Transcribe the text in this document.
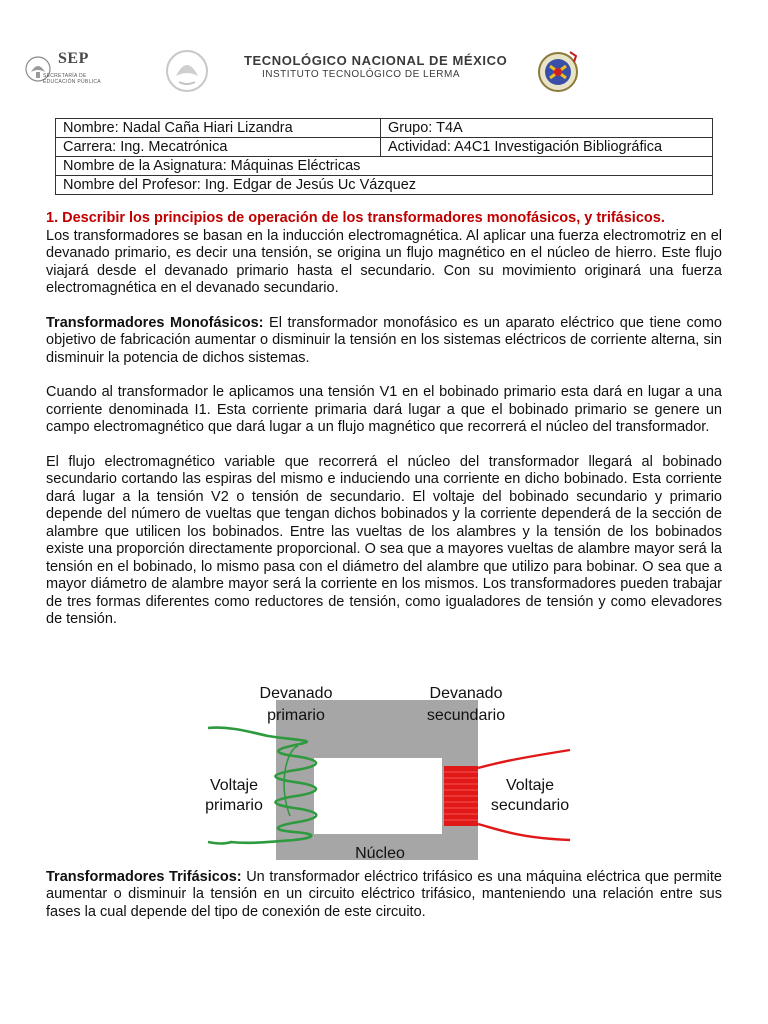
SEP
SECRETARÍA DE
EDUCACIÓN PÚBLICA
TECNOLÓGICO NACIONAL DE MÉXICO
INSTITUTO TECNOLÓGICO DE LERMA
Nombre: Nadal Caña Hiari Lizandra	Grupo: T4A
Carrera: Ing. Mecatrónica	Actividad: A4C1 Investigación Bibliográfica
Nombre de la Asignatura: Máquinas Eléctricas	
Nombre del Profesor: Ing. Edgar de Jesús Uc Vázquez	

1. Describir los principios de operación de los transformadores monofásicos, y trifásicos.

Los transformadores se basan en la inducción electromagnética. Al aplicar una fuerza electromotriz en el devanado primario, es decir una tensión, se origina un flujo magnético en el núcleo de hierro. Este flujo viajará desde el devanado primario hasta el secundario. Con su movimiento originará una fuerza electromagnética en el devanado secundario.

Transformadores Monofásicos: El transformador monofásico es un aparato eléctrico que tiene como objetivo de fabricación aumentar o disminuir la tensión en los sistemas eléctricos de corriente alterna, sin disminuir la potencia de dichos sistemas.

Cuando al transformador le aplicamos una tensión V1 en el bobinado primario esta dará en lugar a una corriente denominada I1. Esta corriente primaria dará lugar a que el bobinado primario se genere un campo electromagnético que dará lugar a un flujo magnético que recorrerá el núcleo del transformador.

El flujo electromagnético variable que recorrerá el núcleo del transformador llegará al bobinado secundario cortando las espiras del mismo e induciendo una corriente en dicho bobinado. Esta corriente dará lugar a la tensión V2 o tensión de secundario. El voltaje del bobinado secundario y primario depende del número de vueltas que tengan dichos bobinados y la corriente dependerá de la sección de alambre que utilicen los bobinados. Entre las vueltas de los alambres y la tensión de los bobinados existe una proporción directamente proporcional. O sea que a mayores vueltas de alambre mayor será la tensión en el bobinado, lo mismo pasa con el diámetro del alambre que utilizo para bobinar. O sea que a mayor diámetro de alambre mayor será la corriente en los mismos. Los transformadores pueden trabajar de tres formas diferentes como reductores de tensión, como igualadores de tensión y como elevadores de tensión.

Transformadores Trifásicos: Un transformador eléctrico trifásico es una máquina eléctrica que permite aumentar o disminuir la tensión en un circuito eléctrico trifásico, manteniendo una relación entre sus fases la cual depende del tipo de conexión de este circuito.

Devanado
primario
Devanado
secundario
Voltaje
primario
Voltaje
secundario
Núcleo
